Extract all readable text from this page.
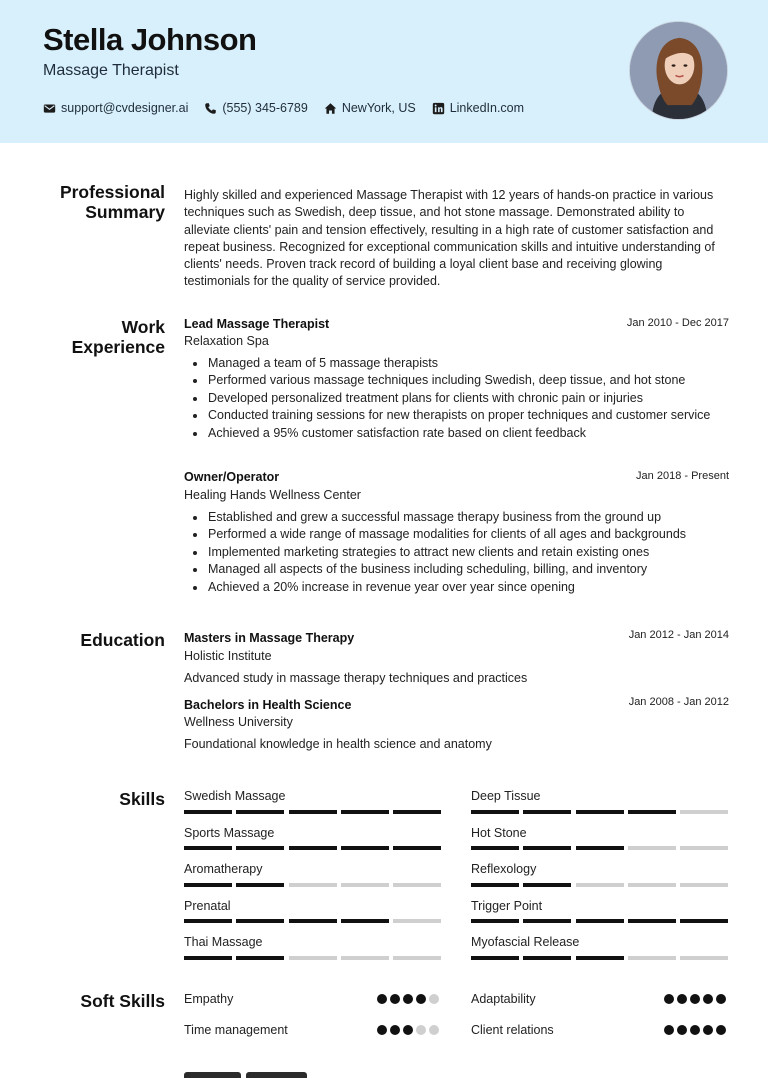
Stella Johnson
Massage Therapist
support@cvdesigner.ai	(555) 345-6789	NewYork, US	LinkedIn.com
Professional
Summary
Highly skilled and experienced Massage Therapist with 12 years of hands-on practice in various techniques such as Swedish, deep tissue, and hot stone massage. Demonstrated ability to alleviate clients' pain and tension effectively, resulting in a high rate of customer satisfaction and repeat business. Recognized for exceptional communication skills and intuitive understanding of clients' needs. Proven track record of building a loyal client base and receiving glowing testimonials for the quality of service provided.
Work
Experience
Lead Massage Therapist	Jan 2010 - Dec 2017
Relaxation Spa
Managed a team of 5 massage therapists
Performed various massage techniques including Swedish, deep tissue, and hot stone
Developed personalized treatment plans for clients with chronic pain or injuries
Conducted training sessions for new therapists on proper techniques and customer service
Achieved a 95% customer satisfaction rate based on client feedback
Owner/Operator	Jan 2018 - Present
Healing Hands Wellness Center
Established and grew a successful massage therapy business from the ground up
Performed a wide range of massage modalities for clients of all ages and backgrounds
Implemented marketing strategies to attract new clients and retain existing ones
Managed all aspects of the business including scheduling, billing, and inventory
Achieved a 20% increase in revenue year over year since opening
Education Masters in Massage Therapy	Jan 2012 - Jan 2014
Holistic Institute
Advanced study in massage therapy techniques and practices
Bachelors in Health Science	Jan 2008 - Jan 2012
Wellness University
Foundational knowledge in health science and anatomy
Skills Swedish Massage	Deep Tissue
Sports Massage	Hot Stone
Aromatherapy	Reflexology
Prenatal	Trigger Point
Thai Massage	Myofascial Release
Soft Skills Empathy	Adaptability
Time management	Client relations
